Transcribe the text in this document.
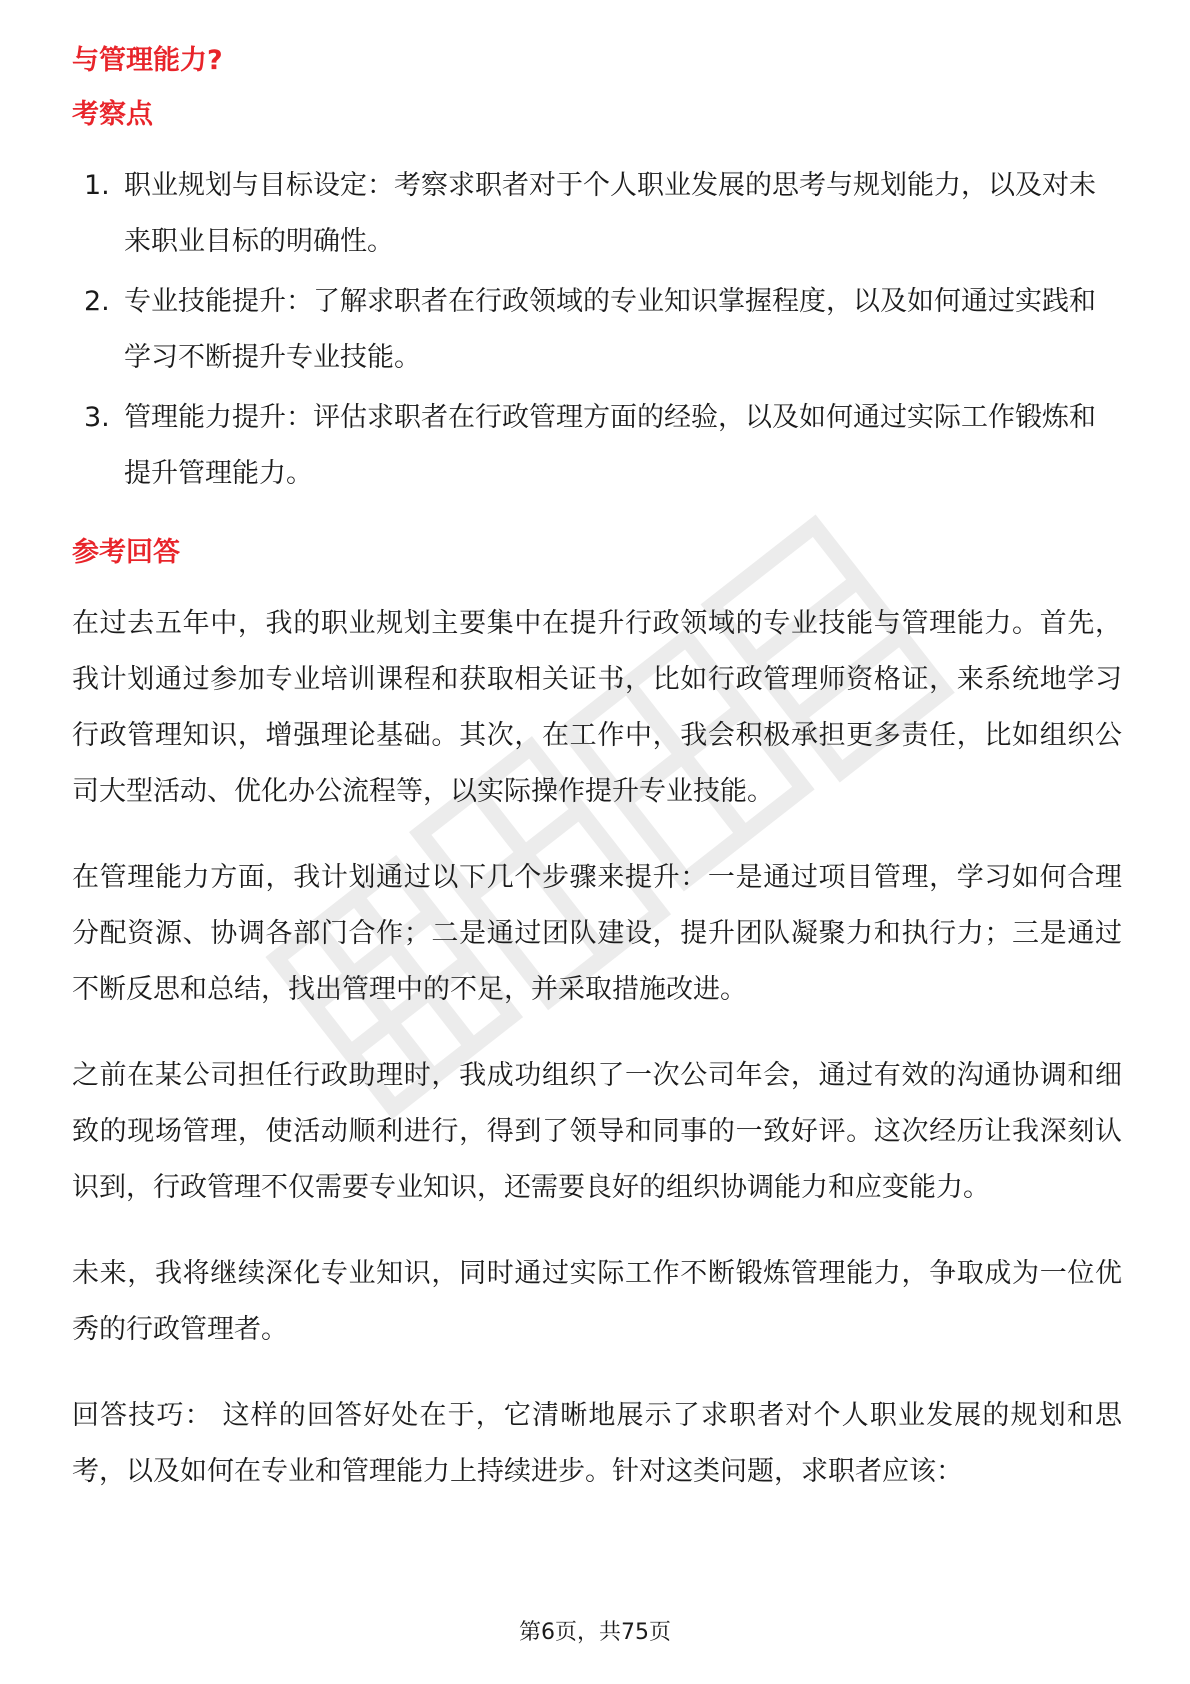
与管理能力?
考察点
1. 职业规划与目标设定：考察求职者对于个人职业发展的思考与规划能力，以及对未来职业目标的明确性。
2. 专业技能提升：了解求职者在行政领域的专业知识掌握程度，以及如何通过实践和学习不断提升专业技能。
3. 管理能力提升：评估求职者在行政管理方面的经验，以及如何通过实际工作锻炼和提升管理能力。
参考回答

在过去五年中，我的职业规划主要集中在提升行政领域的专业技能与管理能力。首先，我计划通过参加专业培训课程和获取相关证书，比如行政管理师资格证，来系统地学习行政管理知识，增强理论基础。其次，在工作中，我会积极承担更多责任，比如组织公司大型活动、优化办公流程等，以实际操作提升专业技能。

在管理能力方面，我计划通过以下几个步骤来提升：一是通过项目管理，学习如何合理分配资源、协调各部门合作；二是通过团队建设，提升团队凝聚力和执行力；三是通过不断反思和总结，找出管理中的不足，并采取措施改进。

之前在某公司担任行政助理时，我成功组织了一次公司年会，通过有效的沟通协调和细致的现场管理，使活动顺利进行，得到了领导和同事的一致好评。这次经历让我深刻认识到，行政管理不仅需要专业知识，还需要良好的组织协调能力和应变能力。

未来，我将继续深化专业知识，同时通过实际工作不断锻炼管理能力，争取成为一位优秀的行政管理者。

回答技巧： 这样的回答好处在于，它清晰地展示了求职者对个人职业发展的规划和思考，以及如何在专业和管理能力上持续进步。针对这类问题，求职者应该：

第6页，共75页
